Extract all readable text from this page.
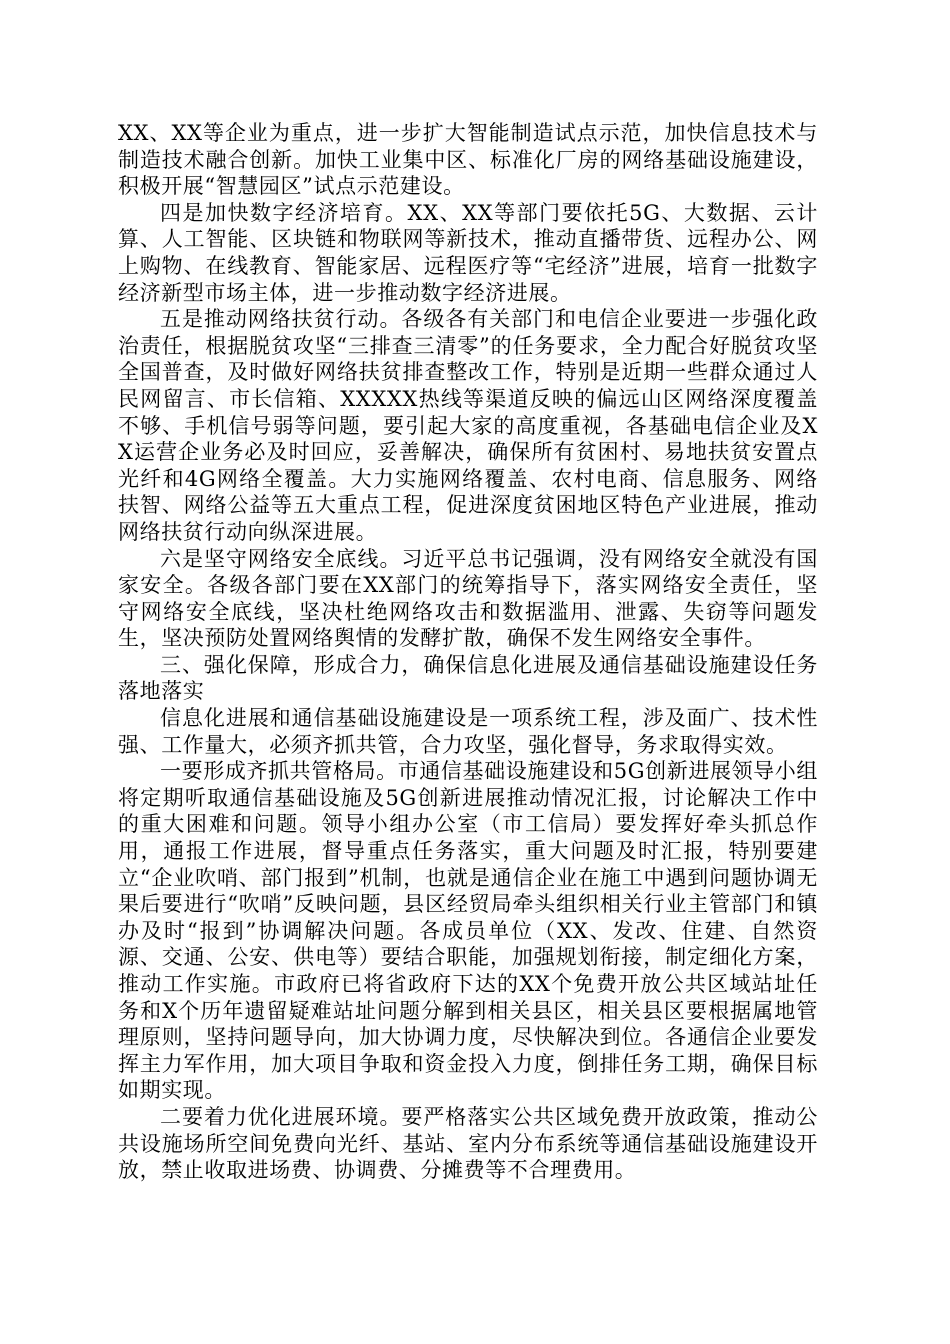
XX、XX等企业为重点，进一步扩大智能制造试点示范，加快信息技术与制造技术融合创新。加快工业集中区、标准化厂房的网络基础设施建设，积极开展“智慧园区”试点示范建设。

四是加快数字经济培育。XX、XX等部门要依托5G、大数据、云计算、人工智能、区块链和物联网等新技术，推动直播带货、远程办公、网上购物、在线教育、智能家居、远程医疗等“宅经济”进展，培育一批数字经济新型市场主体，进一步推动数字经济进展。

五是推动网络扶贫行动。各级各有关部门和电信企业要进一步强化政治责任，根据脱贫攻坚“三排查三清零”的任务要求，全力配合好脱贫攻坚全国普查，及时做好网络扶贫排查整改工作，特别是近期一些群众通过人民网留言、市长信箱、XXXXX热线等渠道反映的偏远山区网络深度覆盖不够、手机信号弱等问题，要引起大家的高度重视，各基础电信企业及XX运营企业务必及时回应，妥善解决，确保所有贫困村、易地扶贫安置点光纤和4G网络全覆盖。大力实施网络覆盖、农村电商、信息服务、网络扶智、网络公益等五大重点工程，促进深度贫困地区特色产业进展，推动网络扶贫行动向纵深进展。

六是坚守网络安全底线。习近平总书记强调，没有网络安全就没有国家安全。各级各部门要在XX部门的统筹指导下，落实网络安全责任，坚守网络安全底线，坚决杜绝网络攻击和数据滥用、泄露、失窃等问题发生，坚决预防处置网络舆情的发酵扩散，确保不发生网络安全事件。

三、强化保障，形成合力，确保信息化进展及通信基础设施建设任务落地落实

信息化进展和通信基础设施建设是一项系统工程，涉及面广、技术性强、工作量大，必须齐抓共管，合力攻坚，强化督导，务求取得实效。

一要形成齐抓共管格局。市通信基础设施建设和5G创新进展领导小组将定期听取通信基础设施及5G创新进展推动情况汇报，讨论解决工作中的重大困难和问题。领导小组办公室（市工信局）要发挥好牵头抓总作用，通报工作进展，督导重点任务落实，重大问题及时汇报，特别要建立“企业吹哨、部门报到”机制，也就是通信企业在施工中遇到问题协调无果后要进行“吹哨”反映问题，县区经贸局牵头组织相关行业主管部门和镇办及时“报到”协调解决问题。各成员单位（XX、发改、住建、自然资源、交通、公安、供电等）要结合职能，加强规划衔接，制定细化方案，推动工作实施。市政府已将省政府下达的XX个免费开放公共区域站址任务和X个历年遗留疑难站址问题分解到相关县区，相关县区要根据属地管理原则，坚持问题导向，加大协调力度，尽快解决到位。各通信企业要发挥主力军作用，加大项目争取和资金投入力度，倒排任务工期，确保目标如期实现。

二要着力优化进展环境。要严格落实公共区域免费开放政策，推动公共设施场所空间免费向光纤、基站、室内分布系统等通信基础设施建设开放，禁止收取进场费、协调费、分摊费等不合理费用。
